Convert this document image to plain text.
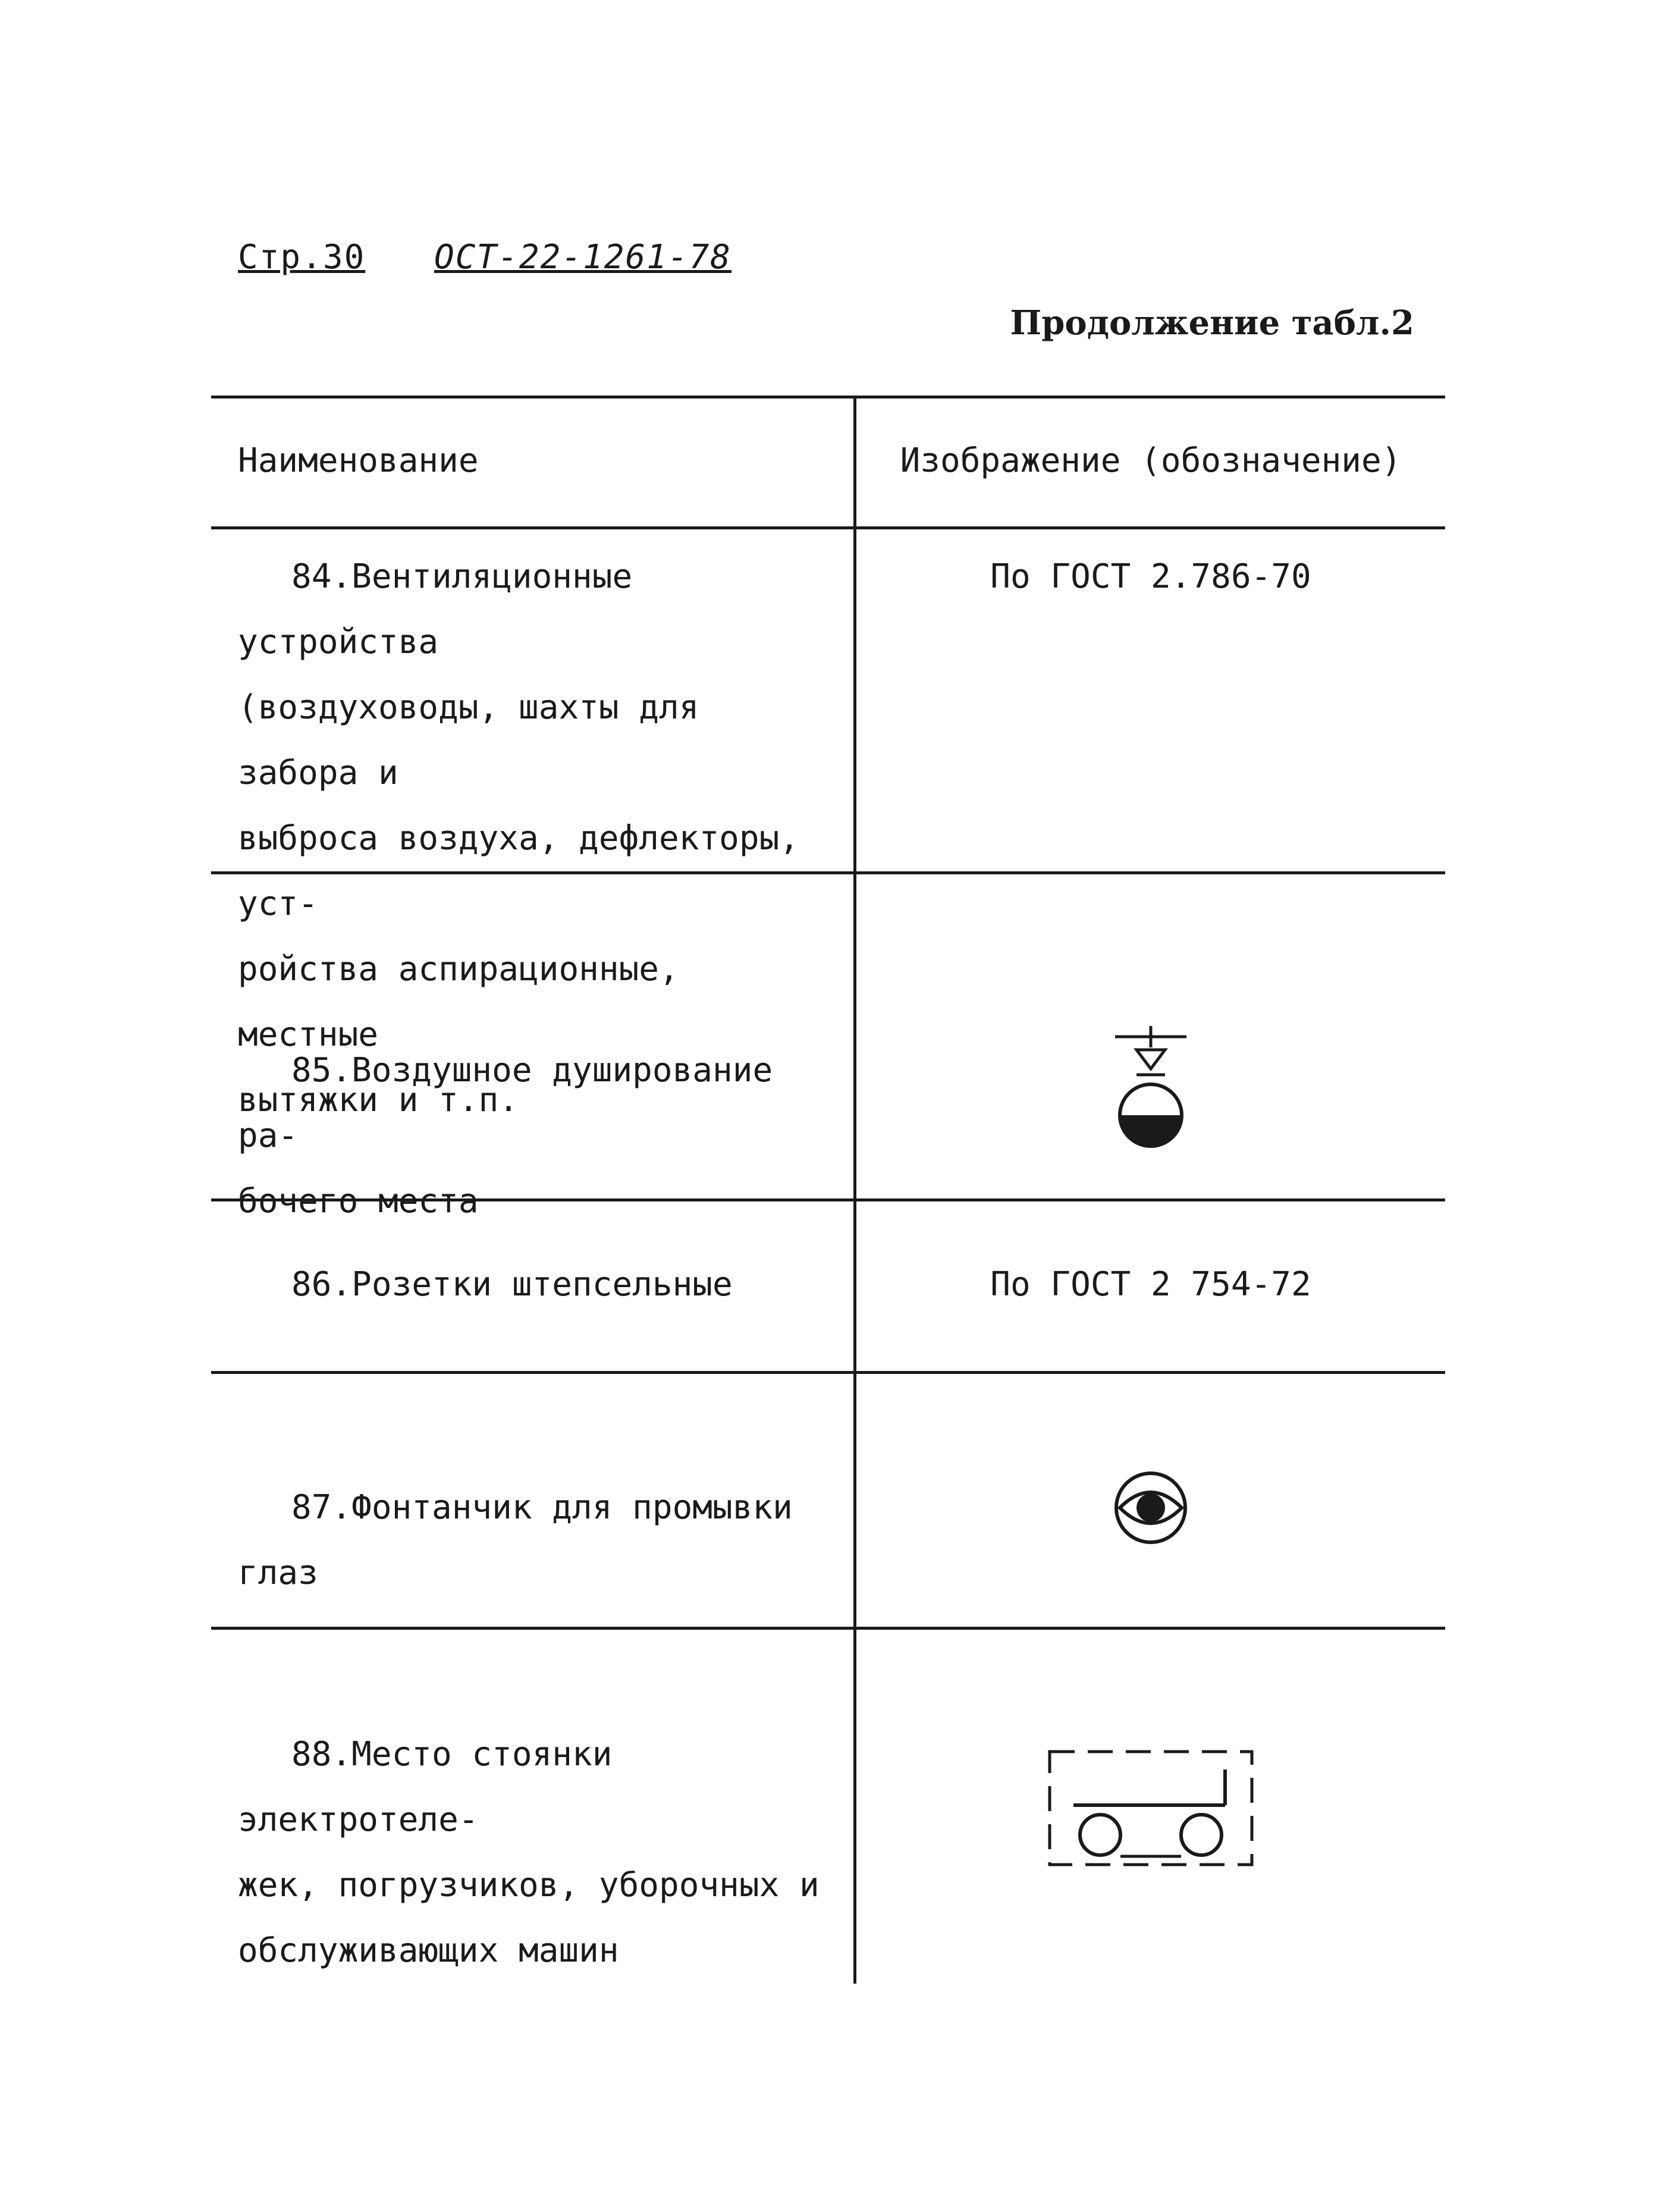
Стр.30 ОСТ-22-1261-78
Продолжение табл.2
Наименование	Изображение (обозначение)
84.Вентиляционные устройства
(воздуховоды, шахты для забора и
выброса воздуха, дефлекторы, уст-
ройства аспирационные, местные
вытяжки и т.п.
По ГОСТ 2.786-70
85.Воздушное душирование ра-
бочего места
86.Розетки штепсельные	По ГОСТ 2 754-72
87.Фонтанчик для промывки
глаз
88.Место стоянки электротеле-
жек, погрузчиков, уборочных и
обслуживающих машин
